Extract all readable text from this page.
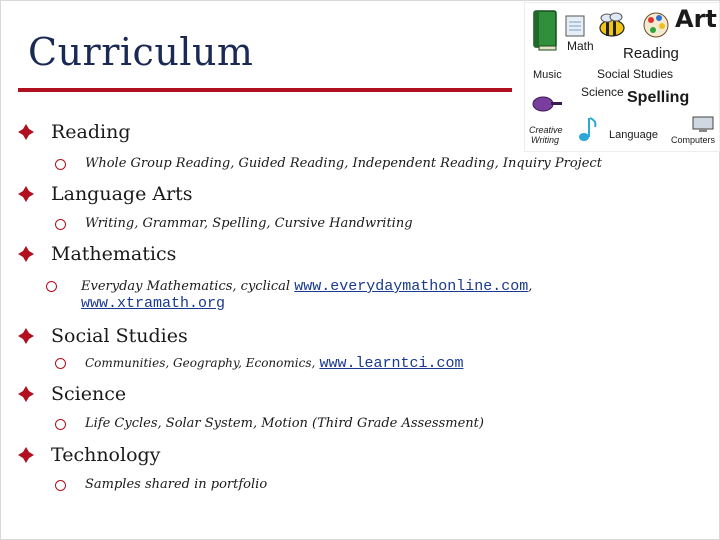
Curriculum
Art
Math Reading
Music	Social Studies
Science Spelling
Creative
Writing	Language Computers
Reading
Whole Group Reading, Guided Reading, Independent Reading, Inquiry Project
Language Arts
Writing, Grammar, Spelling, Cursive Handwriting
Mathematics
Everyday Mathematics, cyclical www.everydaymathonline.com,
www.xtramath.org
Social Studies
Communities, Geography, Economics, www.learntci.com
Science
Life Cycles, Solar System, Motion (Third Grade Assessment)
Technology
Samples shared in portfolio
